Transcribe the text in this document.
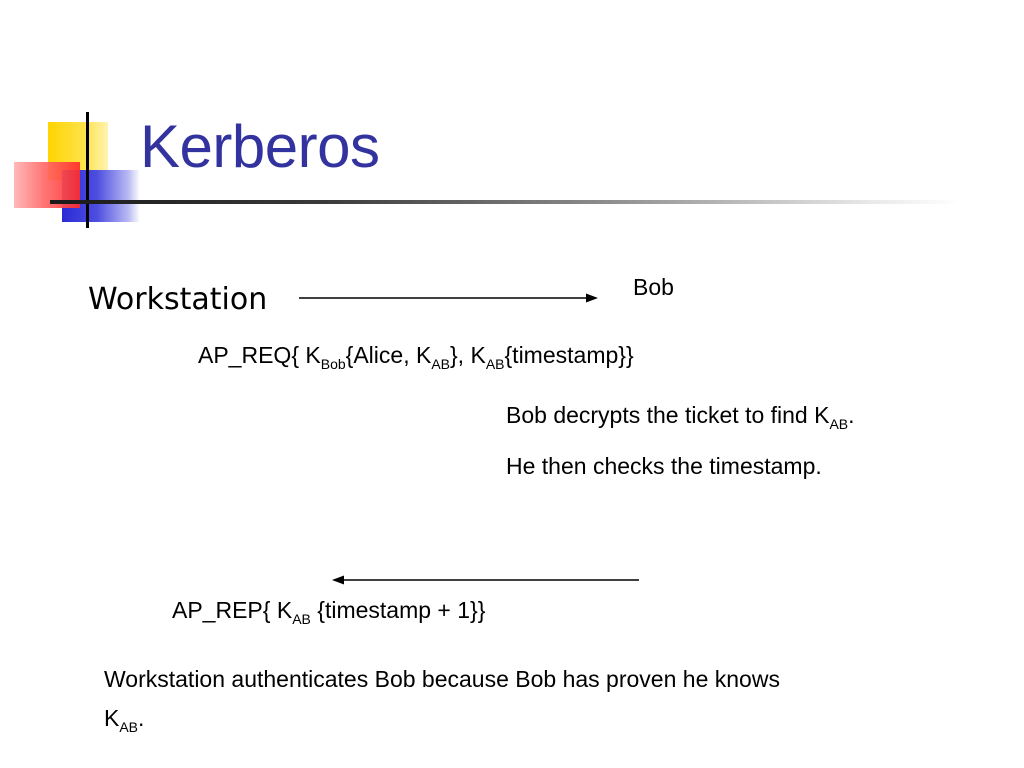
Kerberos
Workstation	Bob
AP_REQ{ $K_{Bob}\{Alice$, $K_{AB}$}, $K_{AB}\{timestamp\}$}
Bob decrypts the ticket to find $K_{AB}$.
He then checks the timestamp.
AP_REP{ $K_{AB}$ {timestamp + 1}}
Workstation authenticates Bob because Bob has proven he knows
$K_{AB}$.
